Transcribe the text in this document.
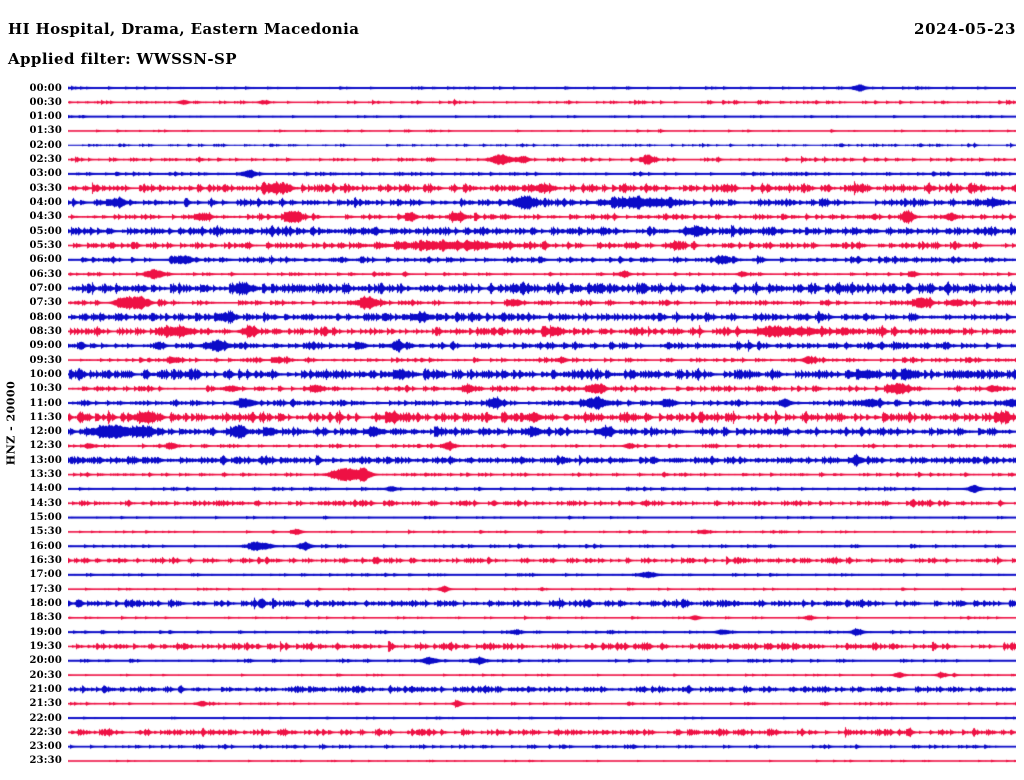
HI Hospital, Drama, Eastern Macedonia	2024-05-23
Applied filter: WWSSN-SP
HNZ - 20000
00:00
00:30
01:00
01:30
02:00
02:30
03:00
03:30
04:00
04:30
05:00
05:30
06:00
06:30
07:00
07:30
08:00
08:30
09:00
09:30
10:00
10:30
11:00
11:30
12:00
12:30
13:00
13:30
14:00
14:30
15:00
15:30
16:00
16:30
17:00
17:30
18:00
18:30
19:00
19:30
20:00
20:30
21:00
21:30
22:00
22:30
23:00
23:30
